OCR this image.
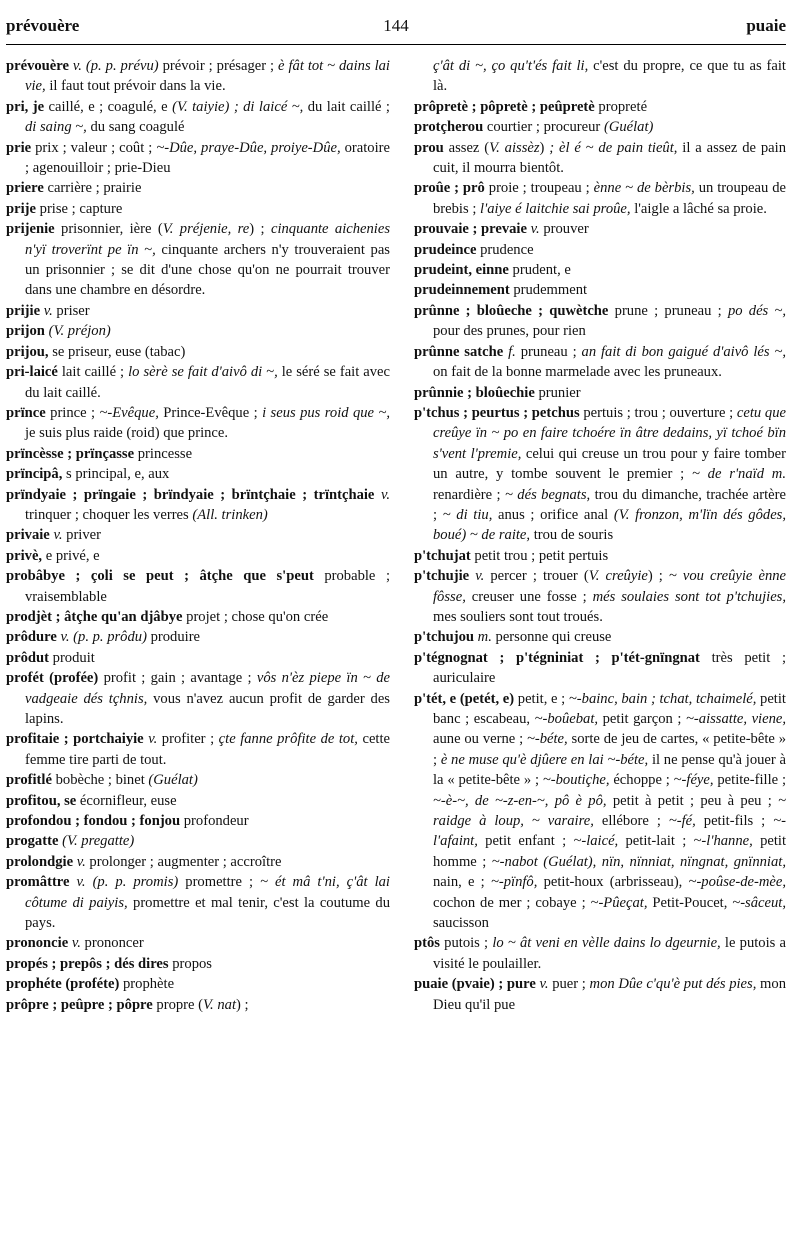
prévouère	144	puaie

prévouère v. (p. p. prévu) prévoir ; présager ; è fât tot ~ dains lai vie, il faut tout prévoir dans la vie.

pri, je caillé, e ; coagulé, e (V. taiyie) ; di laicé ~, du lait caillé ; di saing ~, du sang coagulé

prie prix ; valeur ; coût ; ~-Dûe, praye-Dûe, proiye-Dûe, oratoire ; agenouilloir ; prie-Dieu

priere carrière ; prairie

prije prise ; capture

prijenie prisonnier, ière (V. préjenie, re) ; cinquante aichenies n'yï troverïnt pe ïn ~, cinquante archers n'y trouveraient pas un prisonnier ; se dit d'une chose qu'on ne pourrait trouver dans une chambre en désordre.

prijie v. priser

prijon (V. préjon)

prijou, se priseur, euse (tabac)

pri-laicé lait caillé ; lo sèrè se fait d'aivô di ~, le séré se fait avec du lait caillé.

prïnce prince ; ~-Evêque, Prince-Evêque ; i seus pus roid que ~, je suis plus raide (roid) que prince.

prïncèsse ; prïnçasse princesse

prïncipâ, s principal, e, aux

prïndyaie ; prïngaie ; brïndyaie ; brïntçhaie ; trïntçhaie v. trinquer ; choquer les verres (All. trinken)

privaie v. priver

privè, e privé, e

probâbye ; çoli se peut ; âtçhe que s'peut probable ; vraisemblable

prodjèt ; âtçhe qu'an djâbye projet ; chose qu'on crée

prôdure v. (p. p. prôdu) produire

prôdut produit

profét (profée) profit ; gain ; avantage ; vôs n'èz piepe ïn ~ de vadgeaie dés tçhnis, vous n'avez aucun profit de garder des lapins.

profitaie ; portchaiyie v. profiter ; çte fanne prôfite de tot, cette femme tire parti de tout.

profitlé bobèche ; binet (Guélat)

profitou, se écornifleur, euse

profondou ; fondou ; fonjou profondeur

progatte (V. pregatte)

prolondgie v. prolonger ; augmenter ; accroître

promâttre v. (p. p. promis) promettre ; ~ ét mâ t'ni, ç'ât lai côtume di paiyis, promettre et mal tenir, c'est la coutume du pays.

prononcie v. prononcer

propés ; prepôs ; dés dires propos

prophéte (proféte) prophète

prôpre ; peûpre ; pôpre propre (V. nat) ;

ç'ât di ~, ço qu't'és fait li, c'est du propre, ce que tu as fait là.

prôpretè ; pôpretè ; peûpretè propreté

protçherou courtier ; procureur (Guélat)

prou assez (V. aissèz) ; èl é ~ de pain tieût, il a assez de pain cuit, il mourra bientôt.

proûe ; prô proie ; troupeau ; ènne ~ de bèrbis, un troupeau de brebis ; l'aiye é laitchie sai proûe, l'aigle a lâché sa proie.

prouvaie ; prevaie v. prouver

prudeince prudence

prudeint, einne prudent, e

prudeinnement prudemment

prûnne ; bloûeche ; quwètche prune ; pruneau ; po dés ~, pour des prunes, pour rien

prûnne satche f. pruneau ; an fait di bon gaigué d'aivô lés ~, on fait de la bonne marmelade avec les pruneaux.

prûnnie ; bloûechie prunier

p'tchus ; peurtus ; petchus pertuis ; trou ; ouverture ; cetu que creûye ïn ~ po en faire tchoére ïn âtre dedains, yï tchoé bïn s'vent l'premie, celui qui creuse un trou pour y faire tomber un autre, y tombe souvent le premier ; ~ de r'naïd m. renardière ; ~ dés begnats, trou du dimanche, trachée artère ; ~ di tiu, anus ; orifice anal (V. fronzon, m'lïn dés gôdes, boué) ~ de raite, trou de souris

p'tchujat petit trou ; petit pertuis

p'tchujie v. percer ; trouer (V. creûyie) ; ~ vou creûyie ènne fôsse, creuser une fosse ; més soulaies sont tot p'tchujies, mes souliers sont tout troués.

p'tchujou m. personne qui creuse

p'tégnognat ; p'tégniniat ; p'tét-gnïngnat très petit ; auriculaire

p'tét, e (petét, e) petit, e ; ~-bainc, bain ; tchat, tchaimelé, petit banc ; escabeau, ~-boûebat, petit garçon ; ~-aissatte, viene, aune ou verne ; ~-béte, sorte de jeu de cartes, « petite-bête » ; è ne muse qu'è djûere en lai ~-béte, il ne pense qu'à jouer à la « petite-bête » ; ~-boutiçhe, échoppe ; ~-féye, petite-fille ; ~-è-~, de ~-z-en-~, pô è pô, petit à petit ; peu à peu ; ~ raidge à loup, ~ varaire, ellébore ; ~-fé, petit-fils ; ~-l'afaint, petit enfant ; ~-laicé, petit-lait ; ~-l'hanne, petit homme ; ~-nabot (Guélat), nïn, nïnniat, nïngnat, gnïnniat, nain, e ; ~-pïnfô, petit-houx (arbrisseau), ~-poûse-de-mèe, cochon de mer ; cobaye ; ~-Pûeçat, Petit-Poucet, ~-sâceut, saucisson

ptôs putois ; lo ~ ât veni en vèlle dains lo dgeurnie, le putois a visité le poulailler.

puaie (pvaie) ; pure v. puer ; mon Dûe c'qu'è put dés pies, mon Dieu qu'il pue
